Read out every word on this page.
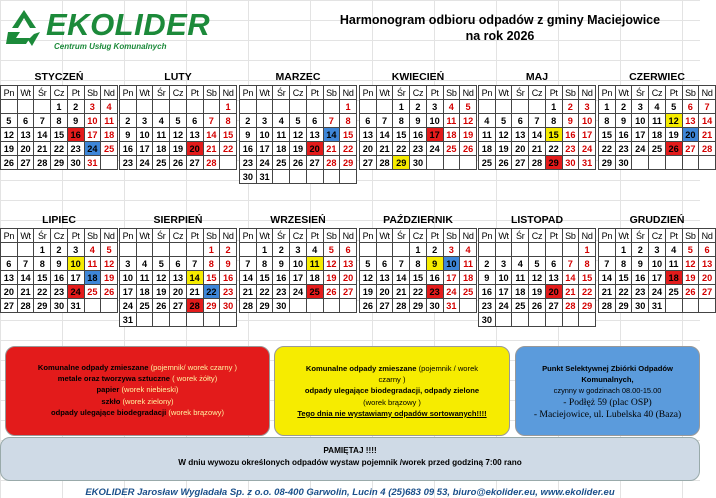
EKOLIDER
Centrum Usług Komunalnych
Harmonogram odbioru odpadów z gminy Maciejowice
na rok 2026
STYCZEŃ
Pn	Wt	Śr	Cz	Pt	Sb	Nd
			1	2	3	4
5	6	7	8	9	10	11
12	13	14	15	16	17	18
19	20	21	22	23	24	25
26	27	28	29	30	31	
LUTY
Pn	Wt	Śr	Cz	Pt	Sb	Nd
						1
2	3	4	5	6	7	8
9	10	11	12	13	14	15
16	17	18	19	20	21	22
23	24	25	26	27	28	
MARZEC
Pn	Wt	Śr	Cz	Pt	Sb	Nd
						1
2	3	4	5	6	7	8
9	10	11	12	13	14	15
16	17	18	19	20	21	22
23	24	25	26	27	28	29
30	31					
KWIECIEŃ
Pn	Wt	Śr	Cz	Pt	Sb	Nd
		1	2	3	4	5
6	7	8	9	10	11	12
13	14	15	16	17	18	19
20	21	22	23	24	25	26
27	28	29	30			
MAJ
Pn	Wt	Śr	Cz	Pt	Sb	Nd
				1	2	3
4	5	6	7	8	9	10
11	12	13	14	15	16	17
18	19	20	21	22	23	24
25	26	27	28	29	30	31
CZERWIEC
Pn	Wt	Śr	Cz	Pt	Sb	Nd
1	2	3	4	5	6	7
8	9	10	11	12	13	14
15	16	17	18	19	20	21
22	23	24	25	26	27	28
29	30					
LIPIEC
Pn	Wt	Śr	Cz	Pt	Sb	Nd
		1	2	3	4	5
6	7	8	9	10	11	12
13	14	15	16	17	18	19
20	21	22	23	24	25	26
27	28	29	30	31		
SIERPIEŃ
Pn	Wt	Śr	Cz	Pt	Sb	Nd
					1	2
3	4	5	6	7	8	9
10	11	12	13	14	15	16
17	18	19	20	21	22	23
24	25	26	27	28	29	30
31						
WRZESIEŃ
Pn	Wt	Śr	Cz	Pt	Sb	Nd
	1	2	3	4	5	6
7	8	9	10	11	12	13
14	15	16	17	18	19	20
21	22	23	24	25	26	27
28	29	30				
PAŹDZIERNIK
Pn	Wt	Śr	Cz	Pt	Sb	Nd
			1	2	3	4
5	6	7	8	9	10	11
12	13	14	15	16	17	18
19	20	21	22	23	24	25
26	27	28	29	30	31	
LISTOPAD
Pn	Wt	Śr	Cz	Pt	Sb	Nd
						1
2	3	4	5	6	7	8
9	10	11	12	13	14	15
16	17	18	19	20	21	22
23	24	25	26	27	28	29
30						
GRUDZIEŃ
Pn	Wt	Śr	Cz	Pt	Sb	Nd
	1	2	3	4	5	6
7	8	9	10	11	12	13
14	15	16	17	18	19	20
21	22	23	24	25	26	27
28	29	30	31			
Komunalne odpady zmieszane (pojemnik/ worek czarny )
metale oraz tworzywa sztuczne ( worek żółty)
papier (worek niebieski)
szkło (worek zielony)
odpady ulegające biodegradacji (worek brązowy)
Komunalne odpady zmieszane (pojemnik / worek
czarny )
odpady ulegające biodegradacji, odpady zielone
(worek brązowy )
Tego dnia nie wystawiamy odpadów sortowanych!!!!
Punkt Selektywnej Zbiórki Odpadów
Komunalnych,
czynny w godzinach 08.00-15.00
- Podłęż 59 (plac OSP)
- Maciejowice, ul. Lubelska 40 (Baza)
PAMIĘTAJ !!!!
W dniu wywozu określonych odpadów wystaw pojemnik /worek przed godziną 7:00 rano
EKOLIDER Jarosław Wygladała Sp. z o.o. 08-400 Garwolin, Lucin 4 (25)683 09 53, biuro@ekolider.eu, www.ekolider.eu
